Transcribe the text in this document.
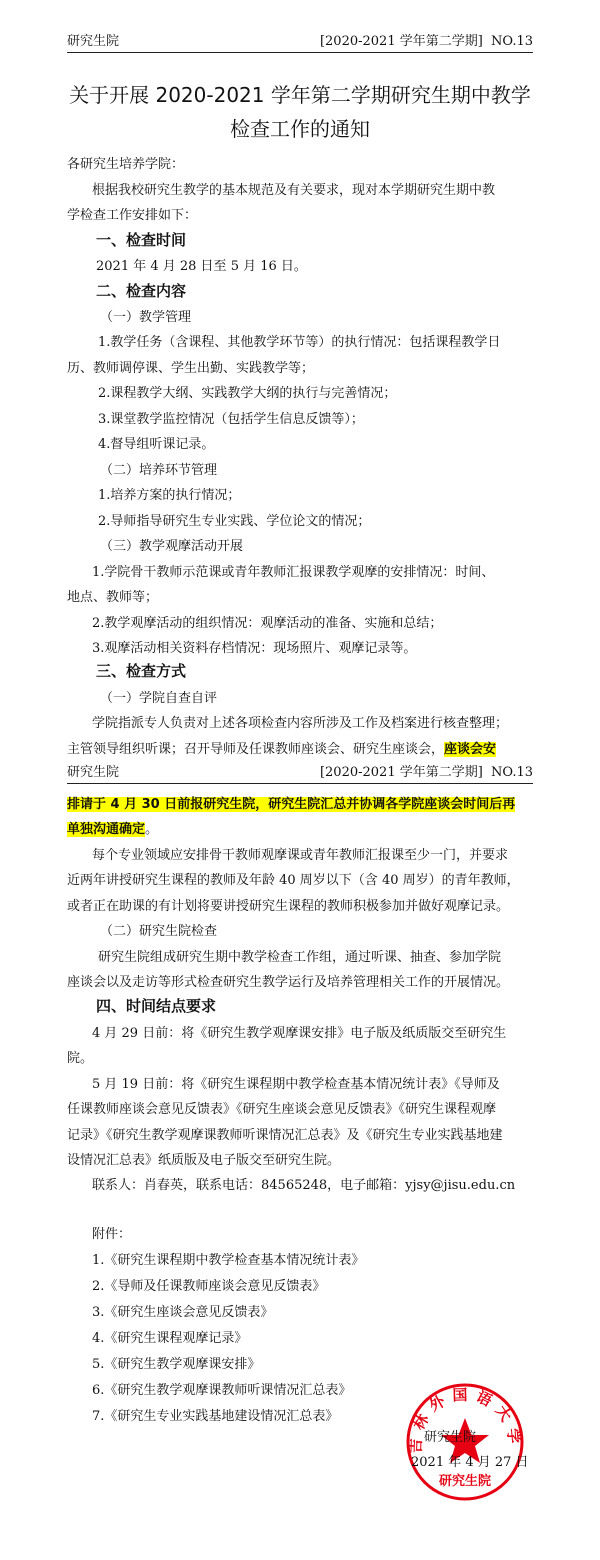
研究生院	[2020-2021 学年第二学期]  NO.13
关于开展 2020-2021 学年第二学期研究生期中教学
检查工作的通知
各研究生培养学院：
根据我校研究生教学的基本规范及有关要求，现对本学期研究生期中教
学检查工作安排如下：
一、检查时间
2021 年 4 月 28 日至 5 月 16 日。
二、检查内容
（一）教学管理
1.教学任务（含课程、其他教学环节等）的执行情况：包括课程教学日
历、教师调停课、学生出勤、实践教学等；
2.课程教学大纲、实践教学大纲的执行与完善情况；
3.课堂教学监控情况（包括学生信息反馈等）；
4.督导组听课记录。
（二）培养环节管理
1.培养方案的执行情况；
2.导师指导研究生专业实践、学位论文的情况；
（三）教学观摩活动开展
1.学院骨干教师示范课或青年教师汇报课教学观摩的安排情况：时间、
地点、教师等；
2.教学观摩活动的组织情况：观摩活动的准备、实施和总结；
3.观摩活动相关资料存档情况：现场照片、观摩记录等。
三、检查方式
（一）学院自查自评
学院指派专人负责对上述各项检查内容所涉及工作及档案进行核查整理；
主管领导组织听课；召开导师及任课教师座谈会、研究生座谈会，座谈会安
研究生院	[2020-2021 学年第二学期]  NO.13
排请于 4 月 30 日前报研究生院，研究生院汇总并协调各学院座谈会时间后再
单独沟通确定。
每个专业领域应安排骨干教师观摩课或青年教师汇报课至少一门，并要求
近两年讲授研究生课程的教师及年龄 40 周岁以下（含 40 周岁）的青年教师，
或者正在助课的有计划将要讲授研究生课程的教师积极参加并做好观摩记录。
（二）研究生院检查
研究生院组成研究生期中教学检查工作组，通过听课、抽查、参加学院
座谈会以及走访等形式检查研究生教学运行及培养管理相关工作的开展情况。
四、时间结点要求
4 月 29 日前：将《研究生教学观摩课安排》电子版及纸质版交至研究生
院。
5 月 19 日前：将《研究生课程期中教学检查基本情况统计表》《导师及
任课教师座谈会意见反馈表》《研究生座谈会意见反馈表》《研究生课程观摩
记录》《研究生教学观摩课教师听课情况汇总表》及《研究生专业实践基地建
设情况汇总表》纸质版及电子版交至研究生院。
联系人：肖春英，联系电话：84565248，电子邮箱：yjsy@jisu.edu.cn
附件：
1.《研究生课程期中教学检查基本情况统计表》
2.《导师及任课教师座谈会意见反馈表》
3.《研究生座谈会意见反馈表》
4.《研究生课程观摩记录》
5.《研究生教学观摩课安排》
6.《研究生教学观摩课教师听课情况汇总表》
7.《研究生专业实践基地建设情况汇总表》
吉林外国语大学
研究生院
研究生院
2021 年 4 月 27 日
